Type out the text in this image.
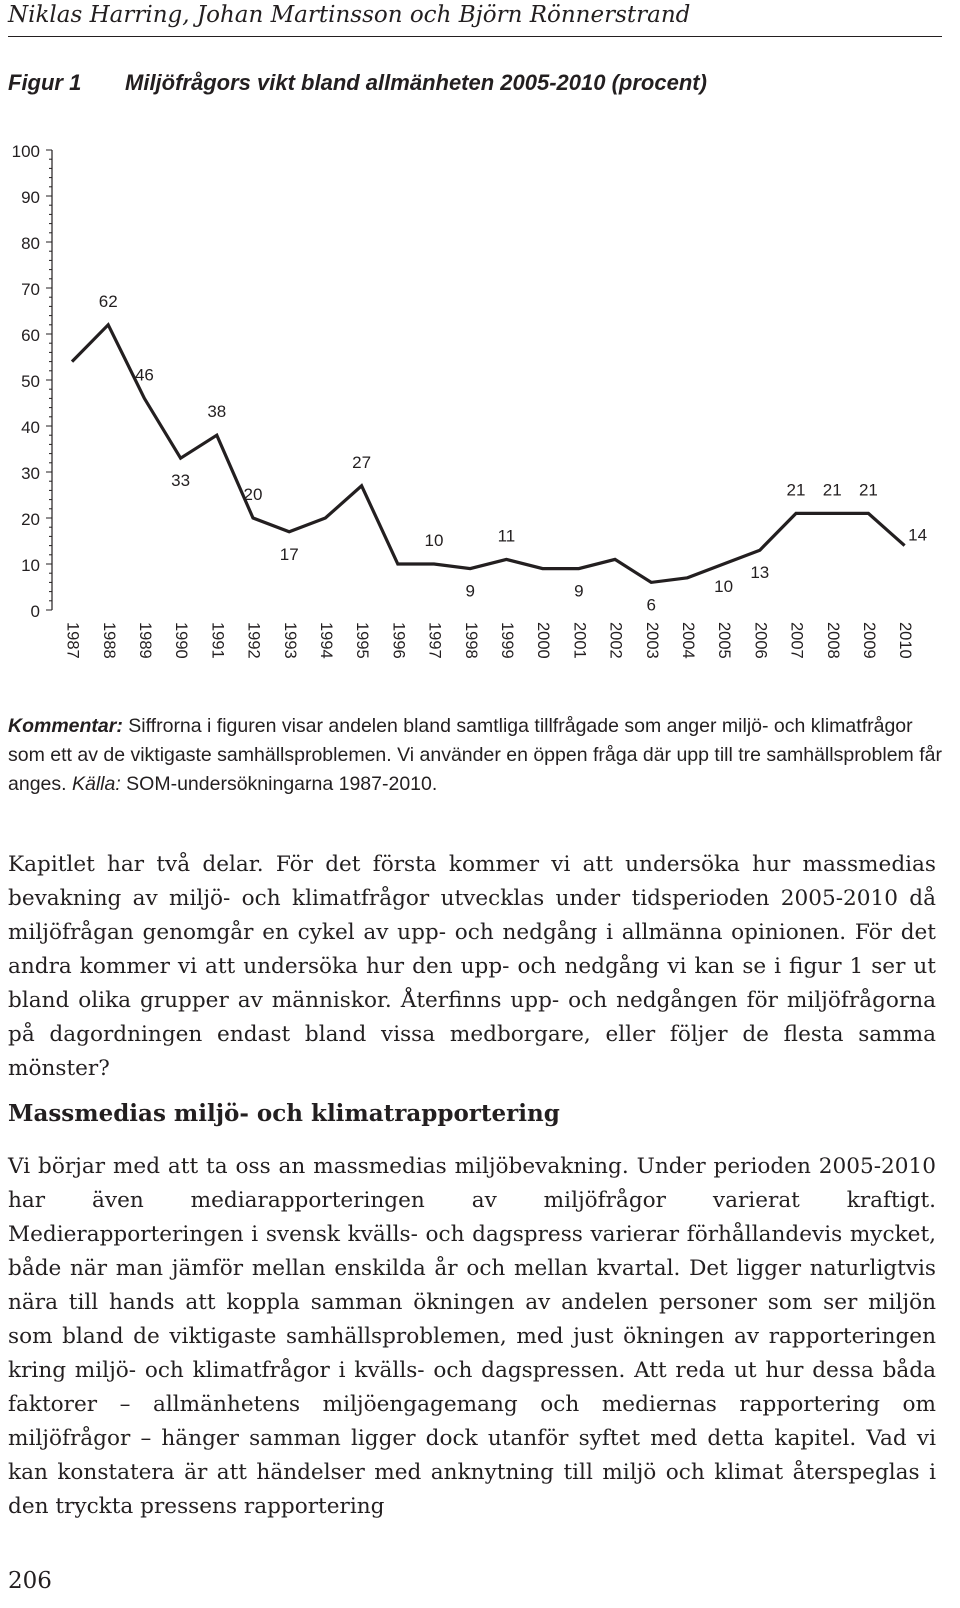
Niklas Harring, Johan Martinsson och Björn Rönnerstrand
Figur 1 Miljöfrågors vikt bland allmänheten 2005-2010 (procent)
0
10
20
30
40
50
60
70
80
90
100
1987 1988 1989 1990 1991 1992 1993 1994 1995 1996 1997 1998 1999 2000 2001 2002 2003 2004 2005 2006 2007 2008 2009 2010
62
46
33
38
20
17
27
10
9
11
9
6
10
13
21 21 21
14
Kommentar: Siffrorna i figuren visar andelen bland samtliga tillfrågade som anger miljö- och klimatfrågor som ett av de viktigaste samhällsproblemen. Vi använder en öppen fråga där upp till tre samhällsproblem får anges. Källa: SOM-undersökningarna 1987-2010.
Kapitlet har två delar. För det första kommer vi att undersöka hur massmedias bevakning av miljö- och klimatfrågor utvecklas under tidsperioden 2005-2010 då miljöfrågan genomgår en cykel av upp- och nedgång i allmänna opinionen. För det andra kommer vi att undersöka hur den upp- och nedgång vi kan se i figur 1 ser ut bland olika grupper av människor. Återfinns upp- och nedgången för miljöfrågorna på dagordningen endast bland vissa medborgare, eller följer de flesta samma mönster?
Massmedias miljö- och klimatrapportering
Vi börjar med att ta oss an massmedias miljöbevakning. Under perioden 2005-2010 har även mediarapporteringen av miljöfrågor varierat kraftigt. Medierapporteringen i svensk kvälls- och dagspress varierar förhållandevis mycket, både när man jämför mellan enskilda år och mellan kvartal. Det ligger naturligtvis nära till hands att koppla samman ökningen av andelen personer som ser miljön som bland de viktigaste samhällsproblemen, med just ökningen av rapporteringen kring miljö- och klimatfrågor i kvälls- och dagspressen. Att reda ut hur dessa båda faktorer – allmänhetens miljöengagemang och mediernas rapportering om miljöfrågor – hänger samman ligger dock utanför syftet med detta kapitel. Vad vi kan konstatera är att händelser med anknytning till miljö och klimat återspeglas i den tryckta pressens rapportering
206
